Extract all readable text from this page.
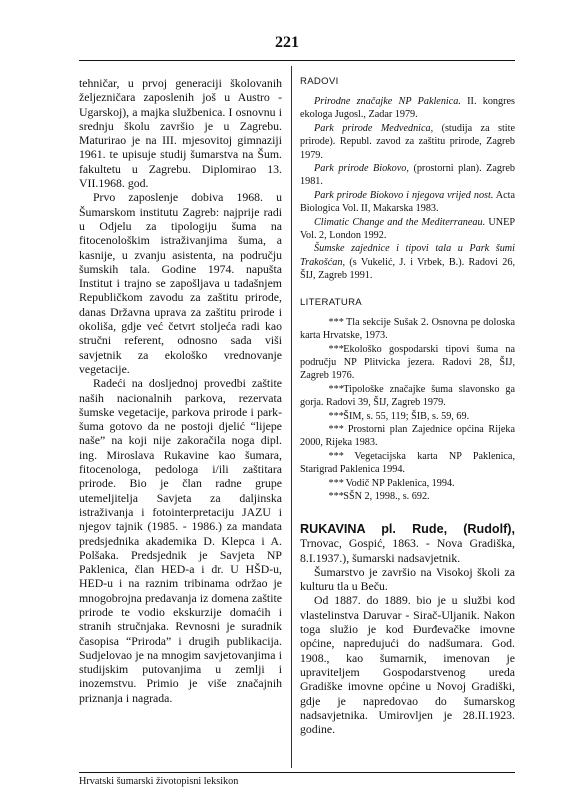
221

tehničar, u prvoj generaciji školovanih željezničara zaposlenih još u Austro - Ugarskoj), a majka službenica. I osnovnu i srednju školu završio je u Zagrebu. Maturirao je na III. mjesovitoj gimnaziji 1961. te upisuje studij šumarstva na Šum. fakultetu u Zagrebu. Diplomirao 13. VII.1968. god.

Prvo zaposlenje dobiva 1968. u Šumarskom institutu Zagreb: najprije radi u Odjelu za tipologiju šuma na fitocenološkim istraživanjima šuma, a kasnije, u zvanju asistenta, na području šumskih tala. Godine 1974. napušta Institut i trajno se zapošljava u tadašnjem Republičkom zavodu za zaštitu prirode, danas Državna uprava za zaštitu prirode i okoliša, gdje već četvrt stoljeća radi kao stručni referent, odnosno sada viši savjetnik za ekološko vrednovanje vegetacije.

Radeći na dosljednoj provedbi zaštite naših nacionalnih parkova, rezervata šumske vegetacije, parkova prirode i park-šuma gotovo da ne postoji djelić “lijepe naše” na koji nije zakoračila noga dipl. ing. Miroslava Rukavine kao šumara, fitocenologa, pedologa i/ili zaštitara prirode. Bio je član radne grupe utemeljitelja Savjeta za daljinska istraživanja i fotointerpretaciju JAZU i njegov tajnik (1985. - 1986.) za mandata predsjednika akademika D. Klepca i A. Polšaka. Predsjednik je Savjeta NP Paklenica, član HED-a i dr. U HŠD-u, HED-u i na raznim tribinama održao je mnogobrojna predavanja iz domena zaštite prirode te vodio ekskurzije domaćih i stranih stručnjaka. Revnosni je suradnik časopisa “Priroda” i drugih publikacija. Sudjelovao je na mnogim savjetovanjima i studijskim putovanjima u zemlji i inozemstvu. Primio je više značajnih priznanja i nagrada.

RADOVI

Prirodne značajke NP Paklenica. II. kongres ekologa Jugosl., Zadar 1979.

Park prirode Medvednica, (studija za stite prirode). Republ. zavod za zaštitu prirode, Zagreb 1979.

Park prirode Biokovo, (prostorni plan). Zagreb 1981.

Park prirode Biokovo i njegova vrijed nost. Acta Biologica Vol. II, Makarska 1983.

Climatic Change and the Mediterraneau. UNEP Vol. 2, London 1992.

Šumske zajednice i tipovi tala u Park šumi Trakošćan, (s Vukelić, J. i Vrbek, B.). Radovi 26, ŠIJ, Zagreb 1991.

LITERATURA

*** Tla sekcije Sušak 2. Osnovna pe doloska karta Hrvatske, 1973.

***Ekološko gospodarski tipovi šuma na području NP Plitvicka jezera. Radovi 28, ŠIJ, Zagreb 1976.

***Tipološke značajke šuma slavonsko ga gorja. Radovi 39, ŠIJ, Zagreb 1979.

***ŠIM, s. 55, 119; ŠIB, s. 59, 69.

*** Prostorni plan Zajednice općina Rijeka 2000, Rijeka 1983.

*** Vegetacijska karta NP Paklenica, Starigrad Paklenica 1994.

*** Vodič NP Paklenica, 1994.

***SŠN 2, 1998., s. 692.

RUKAVINA pl. Rude, (Rudolf), Trnovac, Gospić, 1863. - Nova Gradiška, 8.I.1937.), šumarski nadsavjetnik.

Šumarstvo je završio na Visokoj školi za kulturu tla u Beču.

Od 1887. do 1889. bio je u službi kod vlastelinstva Daruvar - Sirač-Uljanik. Nakon toga služio je kod Đurđevačke imovne općine, napredujući do nadšumara. God. 1908., kao šumarnik, imenovan je upraviteljem Gospodarstvenog ureda Gradiške imovne općine u Novoj Gradiški, gdje je napredovao do šumarskog nadsavjetnika. Umirovljen je 28.II.1923. godine.

Hrvatski šumarski životopisni leksikon
